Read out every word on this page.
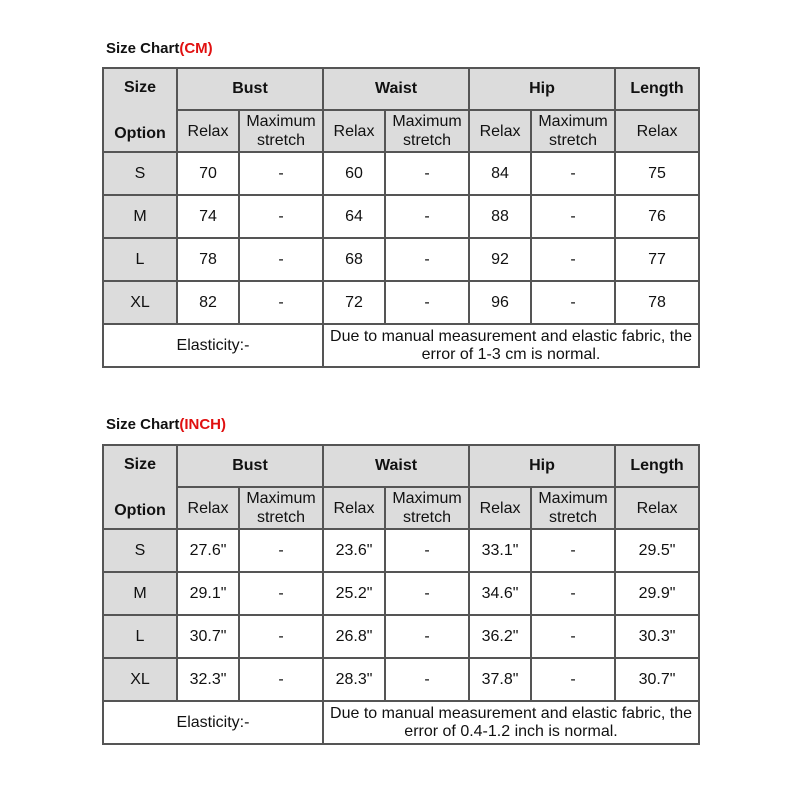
Size Chart(CM)
Size
Option	Bust		Waist		Hip		Length
	Relax	Maximum stretch	Relax	Maximum stretch	Relax	Maximum stretch	Relax
S	70	-	60	-	84	-	75
M	74	-	64	-	88	-	76
L	78	-	68	-	92	-	77
XL	82	-	72	-	96	-	78
Elasticity:-			Due to manual measurement and elastic fabric, the error of 1-3 cm is normal.				
Size Chart(INCH)
Size
Option	Bust		Waist		Hip		Length
	Relax	Maximum stretch	Relax	Maximum stretch	Relax	Maximum stretch	Relax
S	27.6"	-	23.6"	-	33.1"	-	29.5"
M	29.1"	-	25.2"	-	34.6"	-	29.9"
L	30.7"	-	26.8"	-	36.2"	-	30.3"
XL	32.3"	-	28.3"	-	37.8"	-	30.7"
Elasticity:-			Due to manual measurement and elastic fabric, the error of 0.4-1.2 inch is normal.				
